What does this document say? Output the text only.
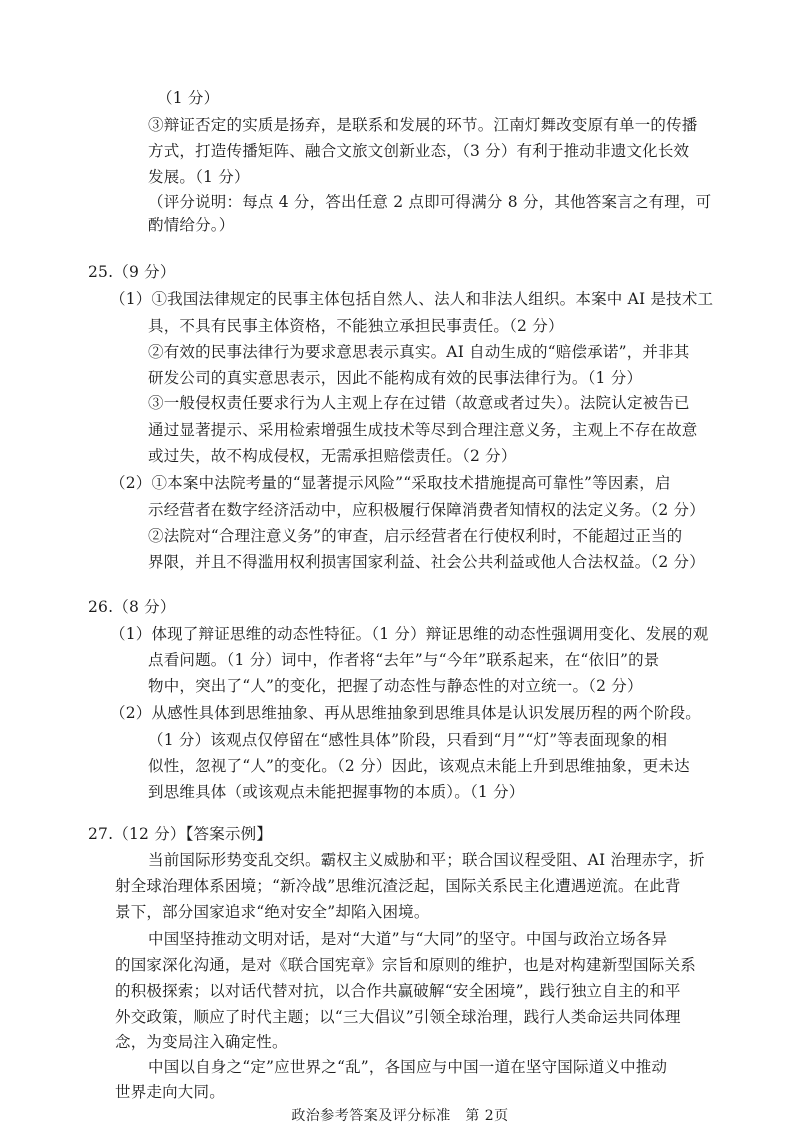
（1 分）
③辩证否定的实质是扬弃，是联系和发展的环节。江南灯舞改变原有单一的传播
方式，打造传播矩阵、融合文旅文创新业态，（3 分）有利于推动非遗文化长效
发展。（1 分）
（评分说明：每点 4 分，答出任意 2 点即可得满分 8 分，其他答案言之有理，可
酌情给分。）
25.（9 分）
（1）①我国法律规定的民事主体包括自然人、法人和非法人组织。本案中 AI 是技术工
具，不具有民事主体资格，不能独立承担民事责任。（2 分）
②有效的民事法律行为要求意思表示真实。AI 自动生成的“赔偿承诺”，并非其
研发公司的真实意思表示，因此不能构成有效的民事法律行为。（1 分）
③一般侵权责任要求行为人主观上存在过错（故意或者过失）。法院认定被告已
通过显著提示、采用检索增强生成技术等尽到合理注意义务，主观上不存在故意
或过失，故不构成侵权，无需承担赔偿责任。（2 分）
（2）①本案中法院考量的“显著提示风险”“采取技术措施提高可靠性”等因素，启
示经营者在数字经济活动中，应积极履行保障消费者知情权的法定义务。（2 分）
②法院对“合理注意义务”的审查，启示经营者在行使权利时，不能超过正当的
界限，并且不得滥用权利损害国家利益、社会公共利益或他人合法权益。（2 分）
26.（8 分）
（1）体现了辩证思维的动态性特征。（1 分）辩证思维的动态性强调用变化、发展的观
点看问题。（1 分）词中，作者将“去年”与“今年”联系起来，在“依旧”的景
物中，突出了“人”的变化，把握了动态性与静态性的对立统一。（2 分）
（2）从感性具体到思维抽象、再从思维抽象到思维具体是认识发展历程的两个阶段。
（1 分）该观点仅停留在“感性具体”阶段，只看到“月”“灯”等表面现象的相
似性，忽视了“人”的变化。（2 分）因此，该观点未能上升到思维抽象，更未达
到思维具体（或该观点未能把握事物的本质）。（1 分）
27.（12 分）【答案示例】
当前国际形势变乱交织。霸权主义威胁和平；联合国议程受阻、AI 治理赤字，折
射全球治理体系困境；“新冷战”思维沉渣泛起，国际关系民主化遭遇逆流。在此背
景下，部分国家追求“绝对安全”却陷入困境。
中国坚持推动文明对话，是对“大道”与“大同”的坚守。中国与政治立场各异
的国家深化沟通，是对《联合国宪章》宗旨和原则的维护，也是对构建新型国际关系
的积极探索；以对话代替对抗，以合作共赢破解“安全困境”，践行独立自主的和平
外交政策，顺应了时代主题；以“三大倡议”引领全球治理，践行人类命运共同体理
念，为变局注入确定性。
中国以自身之“定”应世界之“乱”，各国应与中国一道在坚守国际道义中推动
世界走向大同。
政治参考答案及评分标准　第 2页
